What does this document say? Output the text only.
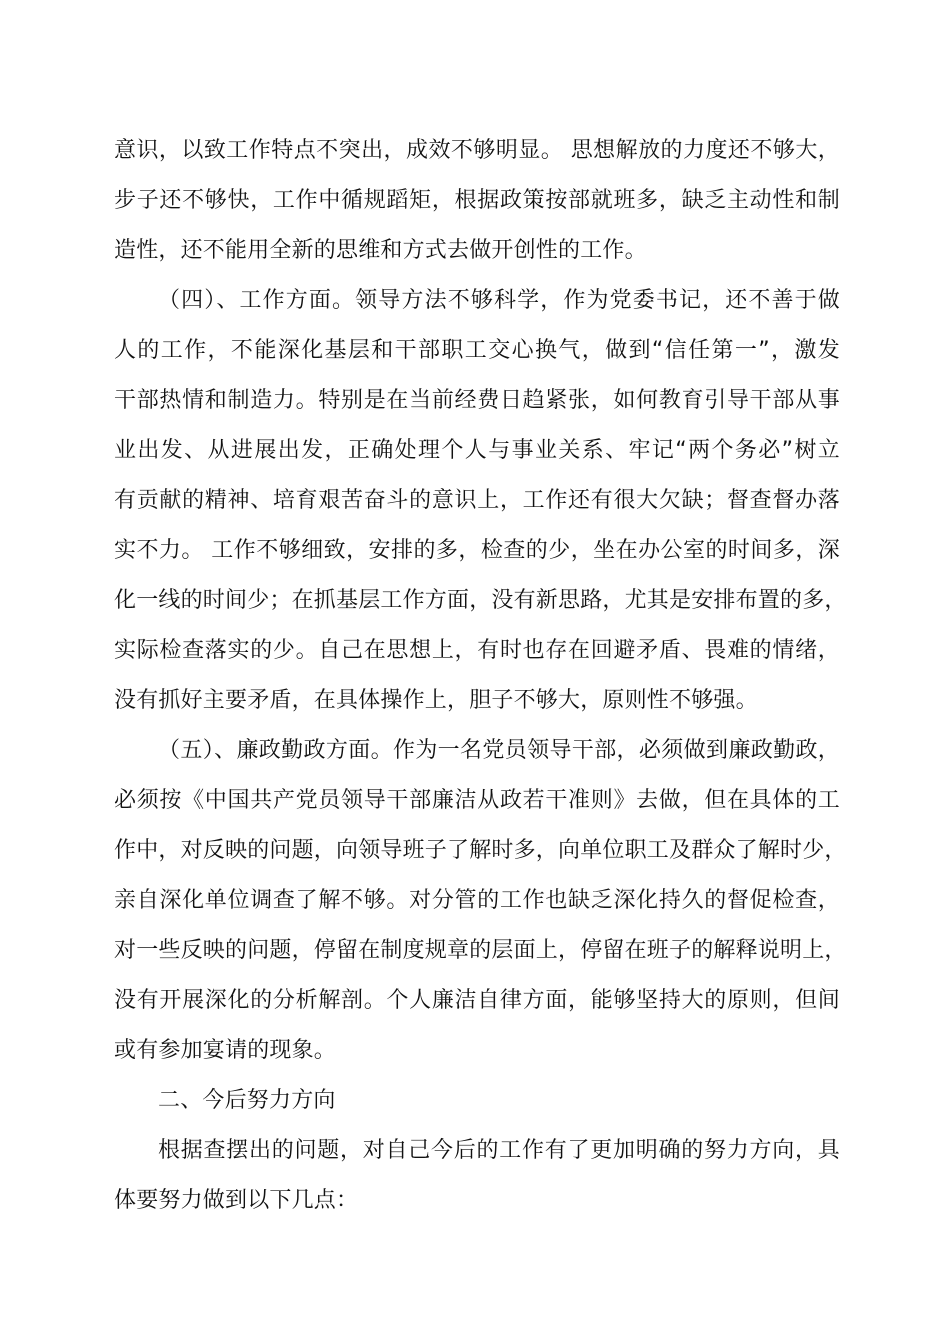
意识，以致工作特点不突出，成效不够明显。 思想解放的力度还不够大，
步子还不够快，工作中循规蹈矩，根据政策按部就班多，缺乏主动性和制
造性，还不能用全新的思维和方式去做开创性的工作。
（四）、工作方面。领导方法不够科学，作为党委书记，还不善于做
人的工作，不能深化基层和干部职工交心换气，做到“信任第一”，激发
干部热情和制造力。特别是在当前经费日趋紧张，如何教育引导干部从事
业出发、从进展出发，正确处理个人与事业关系、牢记“两个务必”树立
有贡献的精神、培育艰苦奋斗的意识上，工作还有很大欠缺；督查督办落
实不力。 工作不够细致，安排的多，检查的少，坐在办公室的时间多，深
化一线的时间少；在抓基层工作方面，没有新思路，尤其是安排布置的多，
实际检查落实的少。自己在思想上，有时也存在回避矛盾、畏难的情绪，
没有抓好主要矛盾，在具体操作上，胆子不够大，原则性不够强。
（五）、廉政勤政方面。作为一名党员领导干部，必须做到廉政勤政，
必须按《中国共产党员领导干部廉洁从政若干准则》去做，但在具体的工
作中，对反映的问题，向领导班子了解时多，向单位职工及群众了解时少，
亲自深化单位调查了解不够。对分管的工作也缺乏深化持久的督促检查，
对一些反映的问题，停留在制度规章的层面上，停留在班子的解释说明上，
没有开展深化的分析解剖。个人廉洁自律方面，能够坚持大的原则，但间
或有参加宴请的现象。
二、今后努力方向
根据查摆出的问题，对自己今后的工作有了更加明确的努力方向，具
体要努力做到以下几点：
